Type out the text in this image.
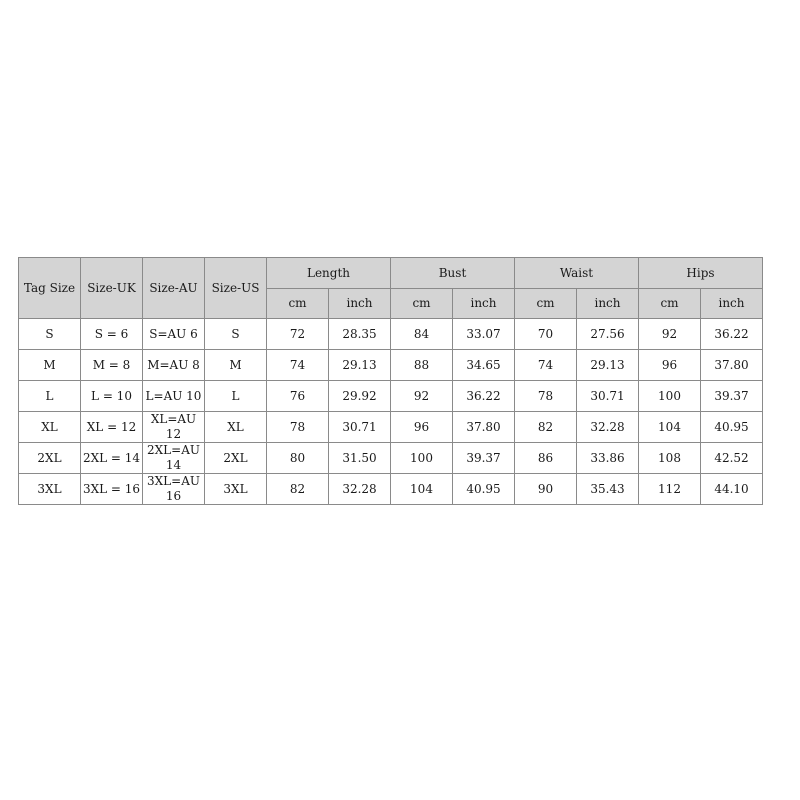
Tag Size	Size-UK	Size-AU	Size-US	Length		Bust		Waist		Hips	
				cm	inch	cm	inch	cm	inch	cm	inch
S	S = 6	S=AU 6	S	72	28.35	84	33.07	70	27.56	92	36.22
M	M = 8	M=AU 8	M	74	29.13	88	34.65	74	29.13	96	37.80
L	L = 10	L=AU 10	L	76	29.92	92	36.22	78	30.71	100	39.37
XL	XL = 12	XL=AU 12	XL	78	30.71	96	37.80	82	32.28	104	40.95
2XL	2XL = 14	2XL=AU 14	2XL	80	31.50	100	39.37	86	33.86	108	42.52
3XL	3XL = 16	3XL=AU 16	3XL	82	32.28	104	40.95	90	35.43	112	44.10
